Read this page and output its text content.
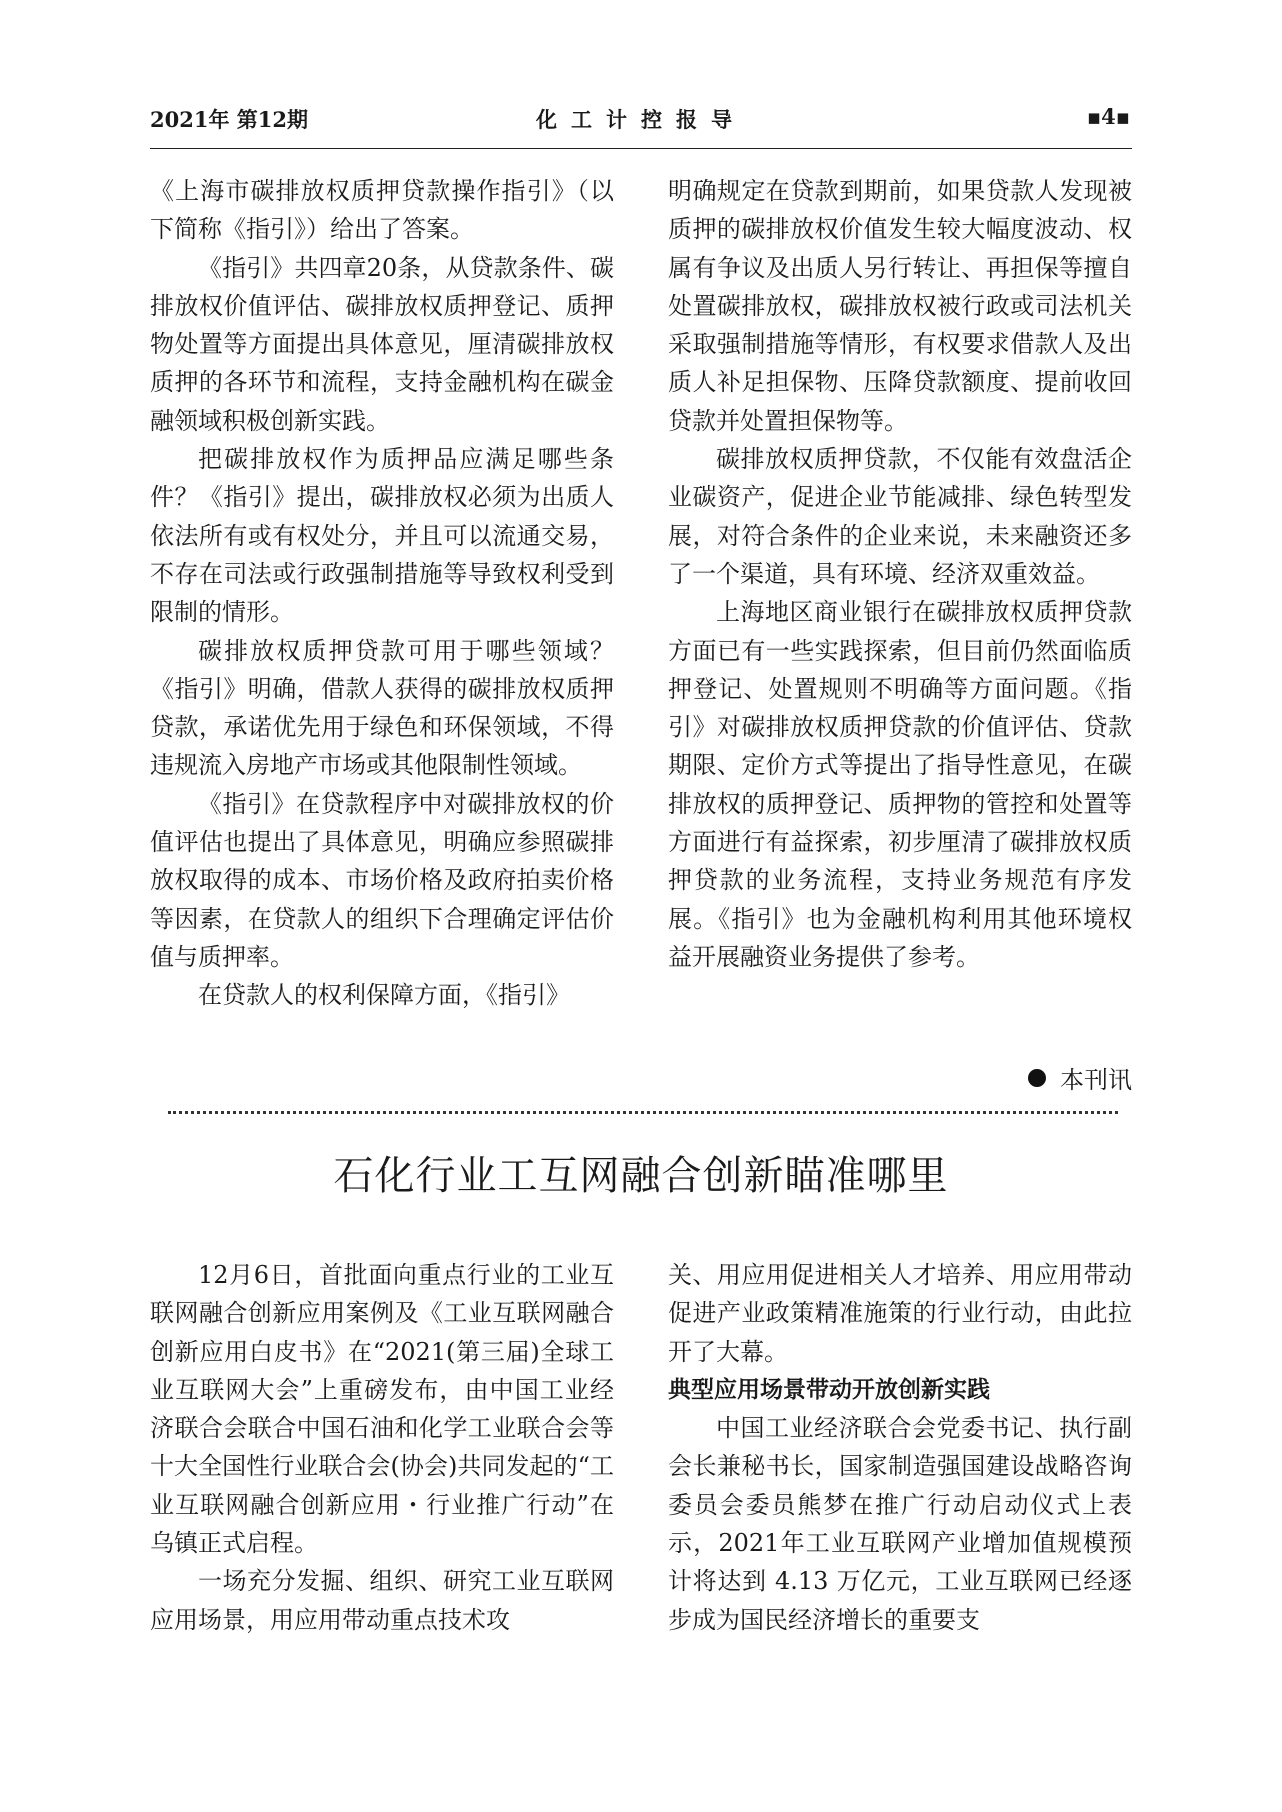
2021年 第12期	化工计控报导	▪4▪

《上海市碳排放权质押贷款操作指引》（以下简称《指引》）给出了答案。

《指引》共四章20条，从贷款条件、碳排放权价值评估、碳排放权质押登记、质押物处置等方面提出具体意见，厘清碳排放权质押的各环节和流程，支持金融机构在碳金融领域积极创新实践。

把碳排放权作为质押品应满足哪些条件？《指引》提出，碳排放权必须为出质人依法所有或有权处分，并且可以流通交易，不存在司法或行政强制措施等导致权利受到限制的情形。

碳排放权质押贷款可用于哪些领域？《指引》明确，借款人获得的碳排放权质押贷款，承诺优先用于绿色和环保领域，不得违规流入房地产市场或其他限制性领域。

《指引》在贷款程序中对碳排放权的价值评估也提出了具体意见，明确应参照碳排放权取得的成本、市场价格及政府拍卖价格等因素，在贷款人的组织下合理确定评估价值与质押率。

在贷款人的权利保障方面，《指引》

明确规定在贷款到期前，如果贷款人发现被质押的碳排放权价值发生较大幅度波动、权属有争议及出质人另行转让、再担保等擅自处置碳排放权，碳排放权被行政或司法机关采取强制措施等情形，有权要求借款人及出质人补足担保物、压降贷款额度、提前收回贷款并处置担保物等。

碳排放权质押贷款，不仅能有效盘活企业碳资产，促进企业节能减排、绿色转型发展，对符合条件的企业来说，未来融资还多了一个渠道，具有环境、经济双重效益。

上海地区商业银行在碳排放权质押贷款方面已有一些实践探索，但目前仍然面临质押登记、处置规则不明确等方面问题。《指引》对碳排放权质押贷款的价值评估、贷款期限、定价方式等提出了指导性意见，在碳排放权的质押登记、质押物的管控和处置等方面进行有益探索，初步厘清了碳排放权质押贷款的业务流程，支持业务规范有序发展。《指引》也为金融机构利用其他环境权益开展融资业务提供了参考。

本刊讯
石化行业工互网融合创新瞄准哪里

12月6日，首批面向重点行业的工业互联网融合创新应用案例及《工业互联网融合创新应用白皮书》在“2021(第三届)全球工业互联网大会”上重磅发布，由中国工业经济联合会联合中国石油和化学工业联合会等十大全国性行业联合会(协会)共同发起的“工业互联网融合创新应用・行业推广行动”在乌镇正式启程。

一场充分发掘、组织、研究工业互联网应用场景，用应用带动重点技术攻

关、用应用促进相关人才培养、用应用带动促进产业政策精准施策的行业行动，由此拉开了大幕。

典型应用场景带动开放创新实践

中国工业经济联合会党委书记、执行副会长兼秘书长，国家制造强国建设战略咨询委员会委员熊梦在推广行动启动仪式上表示，2021年工业互联网产业增加值规模预计将达到 4.13 万亿元，工业互联网已经逐步成为国民经济增长的重要支
